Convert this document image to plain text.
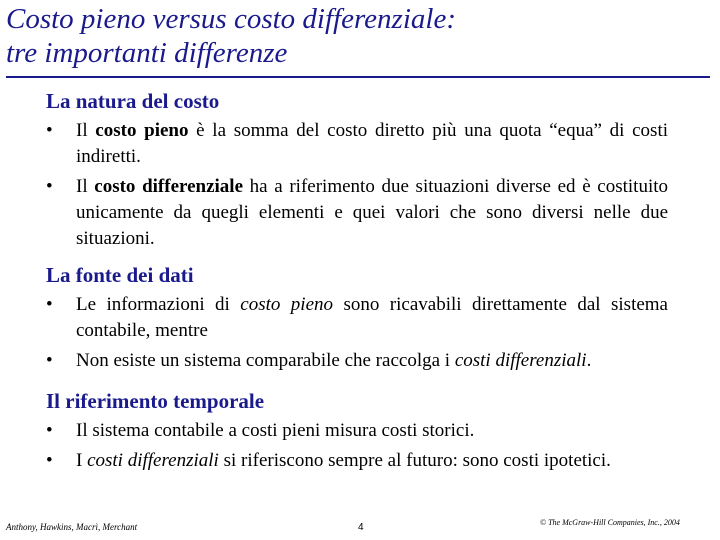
Costo pieno versus costo differenziale:
tre importanti differenze
La natura del costo
• Il costo pieno è la somma del costo diretto più una quota “equa” di costi indiretti.
• Il costo differenziale ha a riferimento due situazioni diverse ed è costituito unicamente da quegli elementi e quei valori che sono diversi nelle due situazioni.
La fonte dei dati
• Le informazioni di costo pieno sono ricavabili direttamente dal sistema contabile, mentre
• Non esiste un sistema comparabile che raccolga i costi differenziali.
Il riferimento temporale
• Il sistema contabile a costi pieni misura costi storici.
• I costi differenziali si riferiscono sempre al futuro: sono costi ipotetici.
Anthony, Hawkins, Macrì, Merchant	4	© The McGraw-Hill Companies, Inc., 2004
